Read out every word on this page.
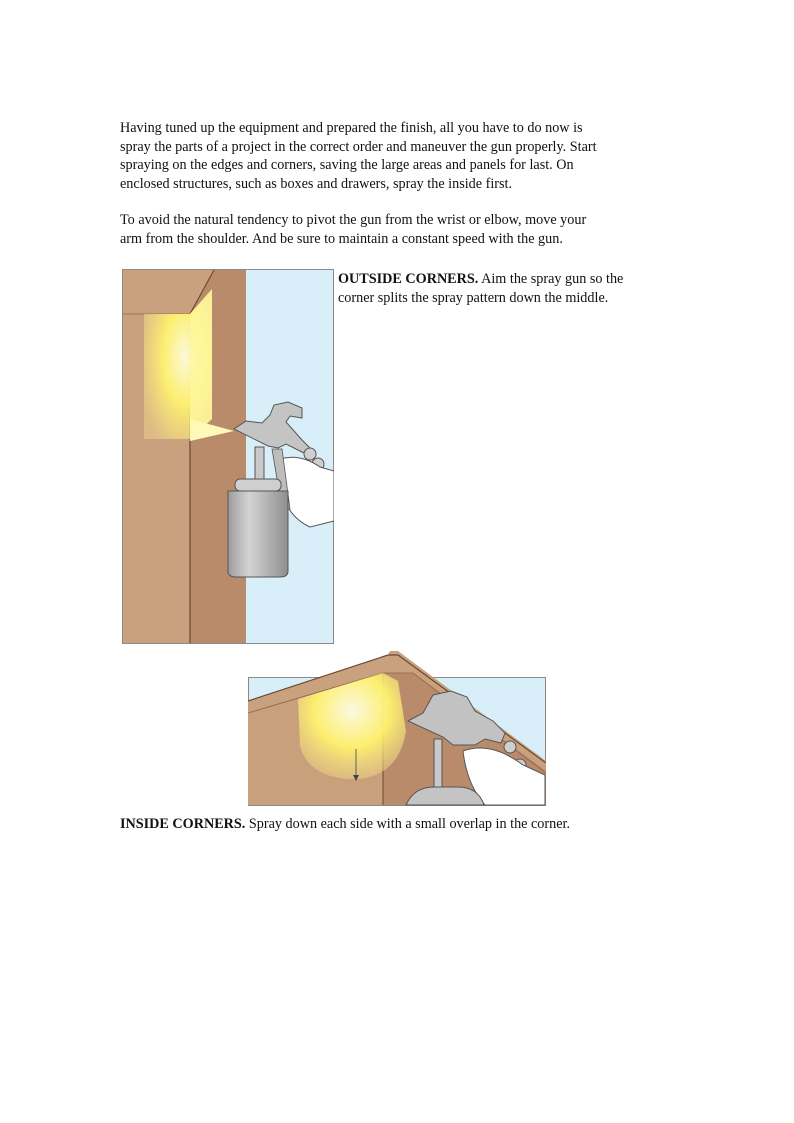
Having tuned up the equipment and prepared the finish, all you have to do now is
spray the parts of a project in the correct order and maneuver the gun properly. Start
spraying on the edges and corners, saving the large areas and panels for last. On
enclosed structures, such as boxes and drawers, spray the inside first.
To avoid the natural tendency to pivot the gun from the wrist or elbow, move your
arm from the shoulder. And be sure to maintain a constant speed with the gun.
OUTSIDE CORNERS. Aim the spray gun so the
corner splits the spray pattern down the middle.
INSIDE CORNERS. Spray down each side with a small overlap in the corner.
